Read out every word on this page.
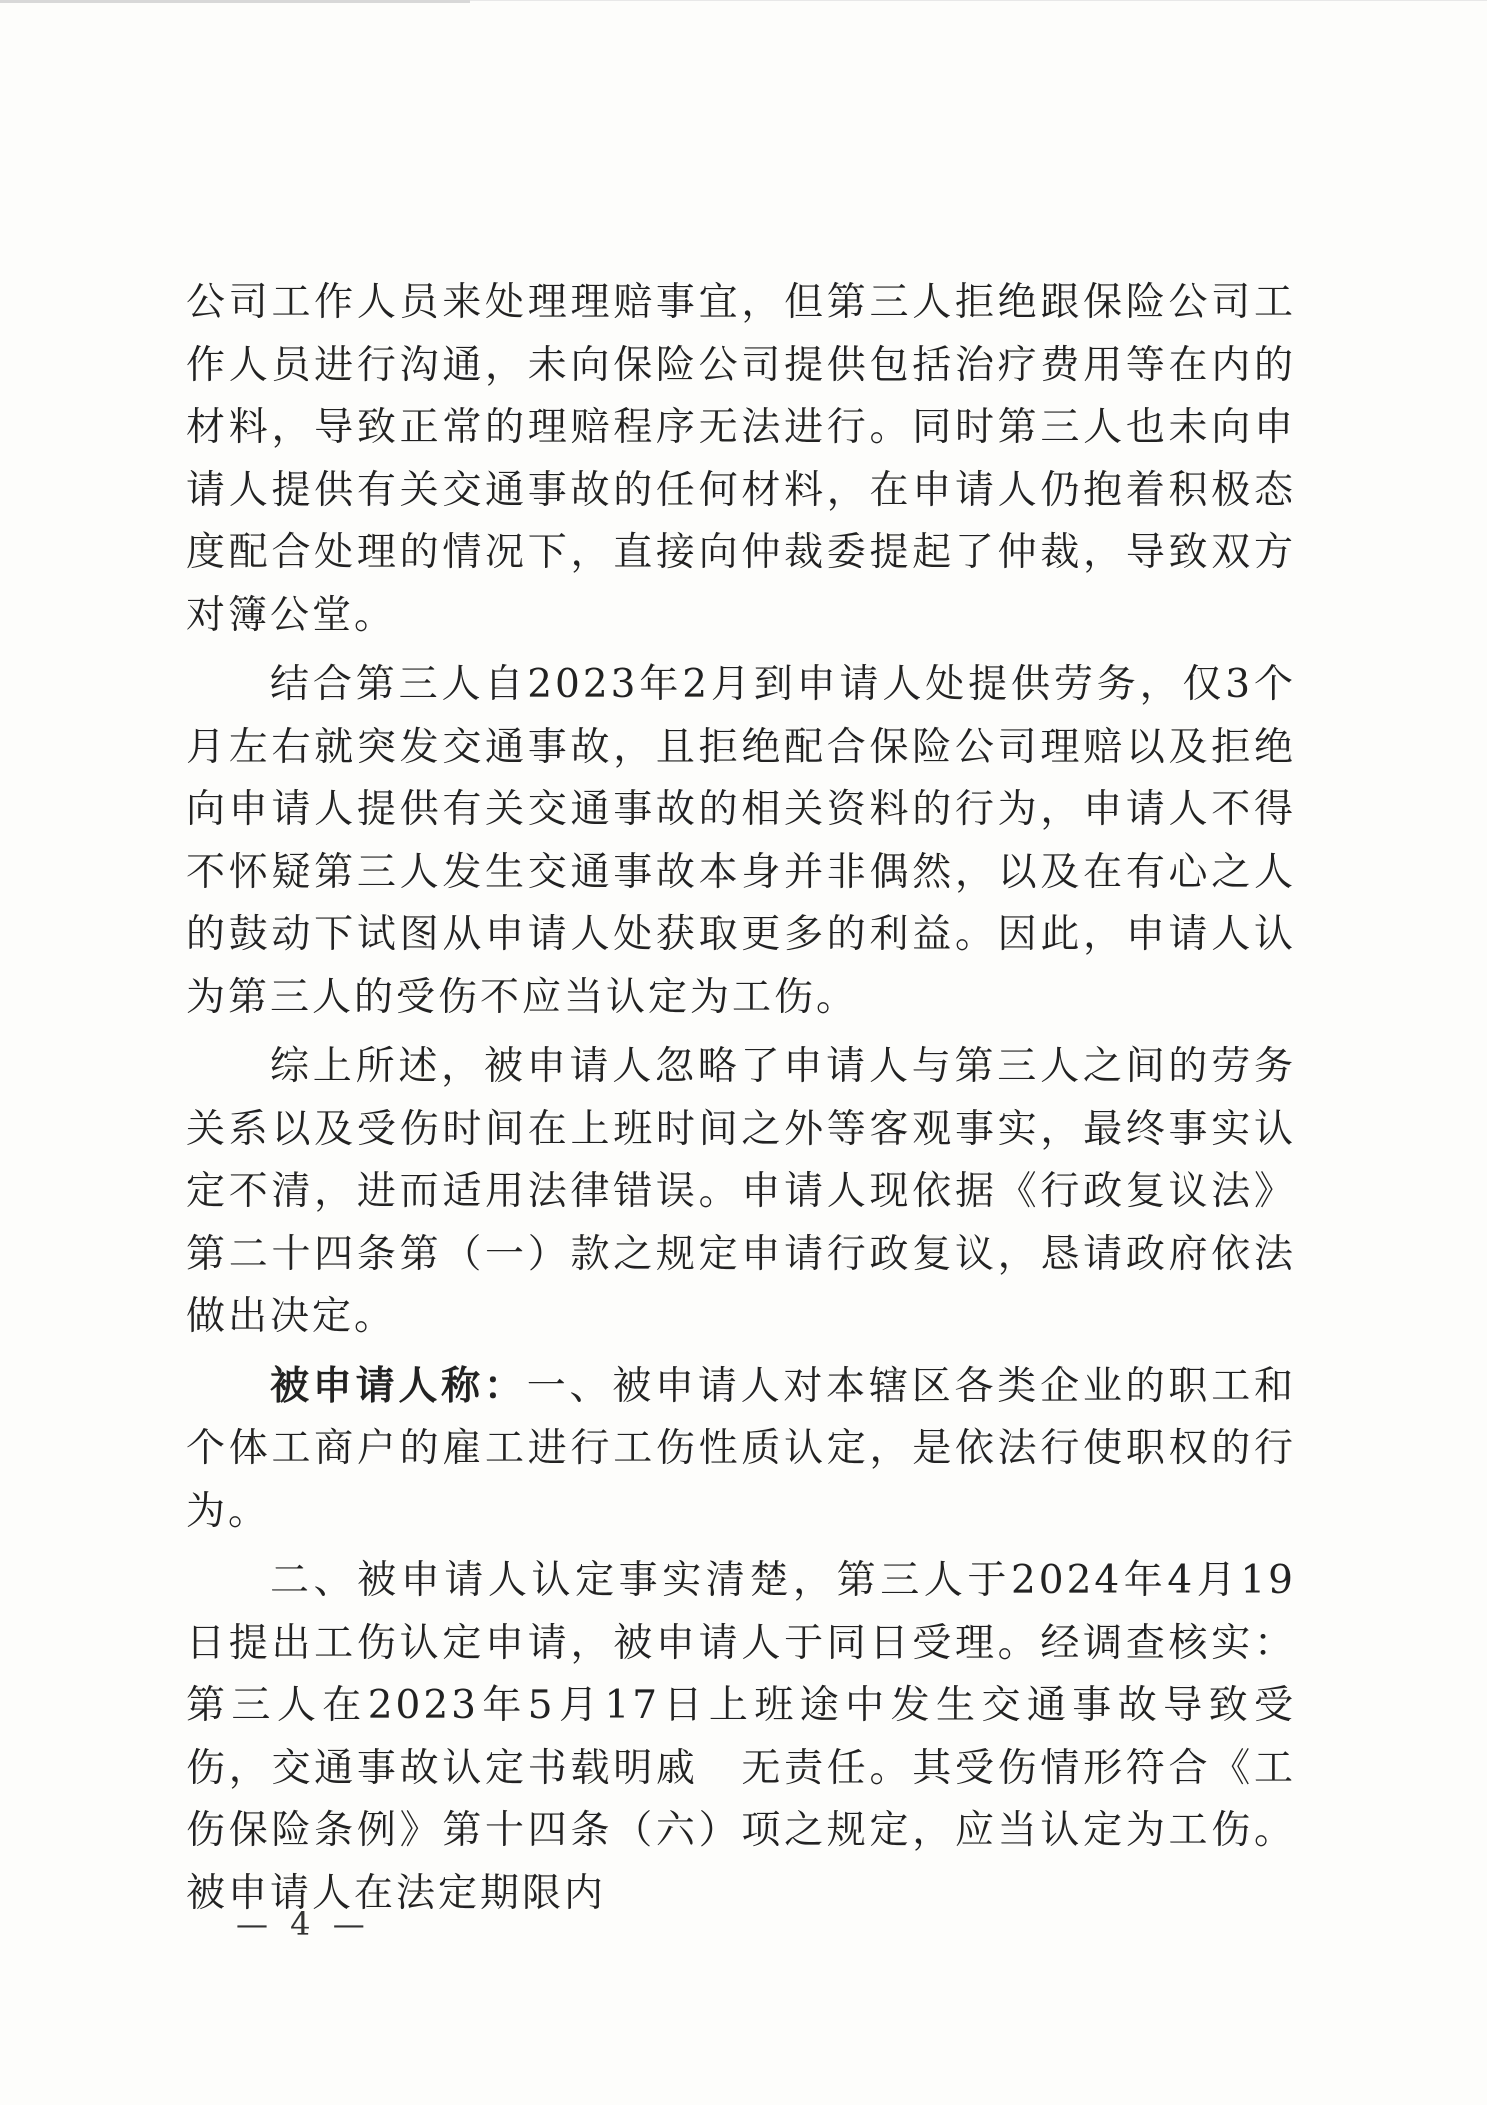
公司工作人员来处理理赔事宜，但第三人拒绝跟保险公司工作人员进行沟通，未向保险公司提供包括治疗费用等在内的材料，导致正常的理赔程序无法进行。同时第三人也未向申请人提供有关交通事故的任何材料，在申请人仍抱着积极态度配合处理的情况下，直接向仲裁委提起了仲裁，导致双方对簿公堂。

结合第三人自2023年2月到申请人处提供劳务，仅3个月左右就突发交通事故，且拒绝配合保险公司理赔以及拒绝向申请人提供有关交通事故的相关资料的行为，申请人不得不怀疑第三人发生交通事故本身并非偶然，以及在有心之人的鼓动下试图从申请人处获取更多的利益。因此，申请人认为第三人的受伤不应当认定为工伤。

综上所述，被申请人忽略了申请人与第三人之间的劳务关系以及受伤时间在上班时间之外等客观事实，最终事实认定不清，进而适用法律错误。申请人现依据《行政复议法》第二十四条第（一）款之规定申请行政复议，恳请政府依法做出决定。

被申请人称：一、被申请人对本辖区各类企业的职工和个体工商户的雇工进行工伤性质认定，是依法行使职权的行为。

二、被申请人认定事实清楚，第三人于2024年4月19日提出工伤认定申请，被申请人于同日受理。经调查核实：第三人在2023年5月17日上班途中发生交通事故导致受伤，交通事故认定书载明戚　无责任。其受伤情形符合《工伤保险条例》第十四条（六）项之规定，应当认定为工伤。被申请人在法定期限内

— 4 —
